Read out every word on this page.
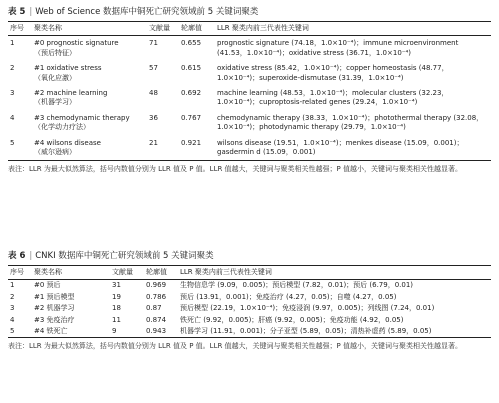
表 5 | Web of Science 数据库中铜死亡研究领域前 5 关键词聚类
序号	聚类名称	文献量	轮廓值	LLR 聚类内前三代表性关键词
1	#0 prognostic signature
（预后特征）	71	0.655	prognostic signature (74.18，1.0×10⁻⁴)；immune microenvironment (41.53，1.0×10⁻⁴)；oxidative stress (36.71，1.0×10⁻⁴)
2	#1 oxidative stress
（氧化应激）	57	0.615	oxidative stress (85.42，1.0×10⁻⁴)；copper homeostasis (48.77，1.0×10⁻⁴)；superoxide-dismutase (31.39，1.0×10⁻⁴)
3	#2 machine learning
（机器学习）	48	0.692	machine learning (48.53，1.0×10⁻⁴)；molecular clusters (32.23，1.0×10⁻⁴)；cuproptosis-related genes (29.24，1.0×10⁻⁴)
4	#3 chemodynamic therapy
（化学动力疗法）	36	0.767	chemodynamic therapy (38.33，1.0×10⁻⁴)；photothermal therapy (32.08，1.0×10⁻⁴)；photodynamic therapy (29.79，1.0×10⁻⁴)
5	#4 wilsons disease
（威尔逊病）	21	0.921	wilsons disease (19.51，1.0×10⁻⁴)；menkes disease (15.09，0.001)；gasdermin d (15.09，0.001)
表注：LLR 为最大似然算法，括号内数值分别为 LLR 值及 P 值。LLR 值越大，关键词与聚类相关性越强；P 值越小，关键词与聚类相关性越显著。
表 6 | CNKI 数据库中铜死亡研究领域前 5 关键词聚类
序号	聚类名称	文献量	轮廓值	LLR 聚类内前三代表性关键词
1	#0 预后	31	0.969	生物信息学 (9.09，0.005)；预后模型 (7.82，0.01)；预后 (6.79，0.01)
2	#1 预后模型	19	0.786	预后 (13.91，0.001)；免疫治疗 (4.27，0.05)；自噬 (4.27，0.05)
3	#2 机器学习	18	0.87	预后模型 (22.19，1.0×10⁻⁴)；免疫浸润 (9.97，0.005)；列线图 (7.24，0.01)
4	#3 免疫治疗	11	0.874	铁死亡 (9.92，0.005)；肝癌 (9.92，0.005)；免疫功能 (4.92，0.05)
5	#4 铁死亡	9	0.943	机器学习 (11.91，0.001)；分子亚型 (5.89，0.05)；清热补虚药 (5.89，0.05)
表注：LLR 为最大似然算法，括号内数值分别为 LLR 值及 P 值。LLR 值越大，关键词与聚类相关性越强；P 值越小，关键词与聚类相关性越显著。
